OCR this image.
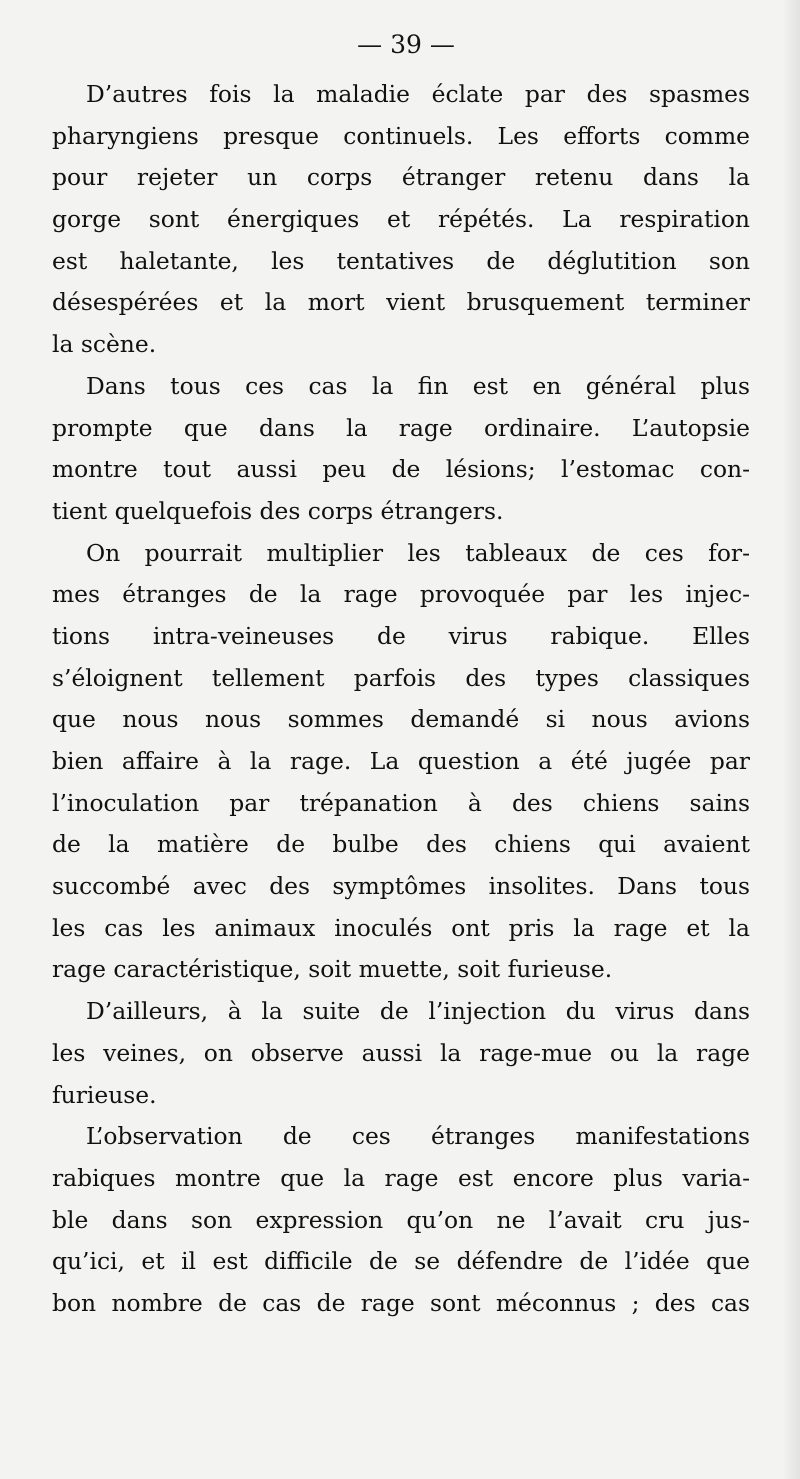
— 39 —
D’autres fois la maladie éclate par des spasmes
pharyngiens presque continuels. Les efforts comme
pour rejeter un corps étranger retenu dans la
gorge sont énergiques et répétés. La respiration
est haletante, les tentatives de déglutition son
désespérées et la mort vient brusquement terminer
la scène.
Dans tous ces cas la fin est en général plus
prompte que dans la rage ordinaire. L’autopsie
montre tout aussi peu de lésions; l’estomac con-
tient quelquefois des corps étrangers.
On pourrait multiplier les tableaux de ces for-
mes étranges de la rage provoquée par les injec-
tions intra-veineuses de virus rabique. Elles
s’éloignent tellement parfois des types classiques
que nous nous sommes demandé si nous avions
bien affaire à la rage. La question a été jugée par
l’inoculation par trépanation à des chiens sains
de la matière de bulbe des chiens qui avaient
succombé avec des symptômes insolites. Dans tous
les cas les animaux inoculés ont pris la rage et la
rage caractéristique, soit muette, soit furieuse.
D’ailleurs, à la suite de l’injection du virus dans
les veines, on observe aussi la rage-mue ou la rage
furieuse.
L’observation de ces étranges manifestations
rabiques montre que la rage est encore plus varia-
ble dans son expression qu’on ne l’avait cru jus-
qu’ici, et il est difficile de se défendre de l’idée que
bon nombre de cas de rage sont méconnus ; des cas
